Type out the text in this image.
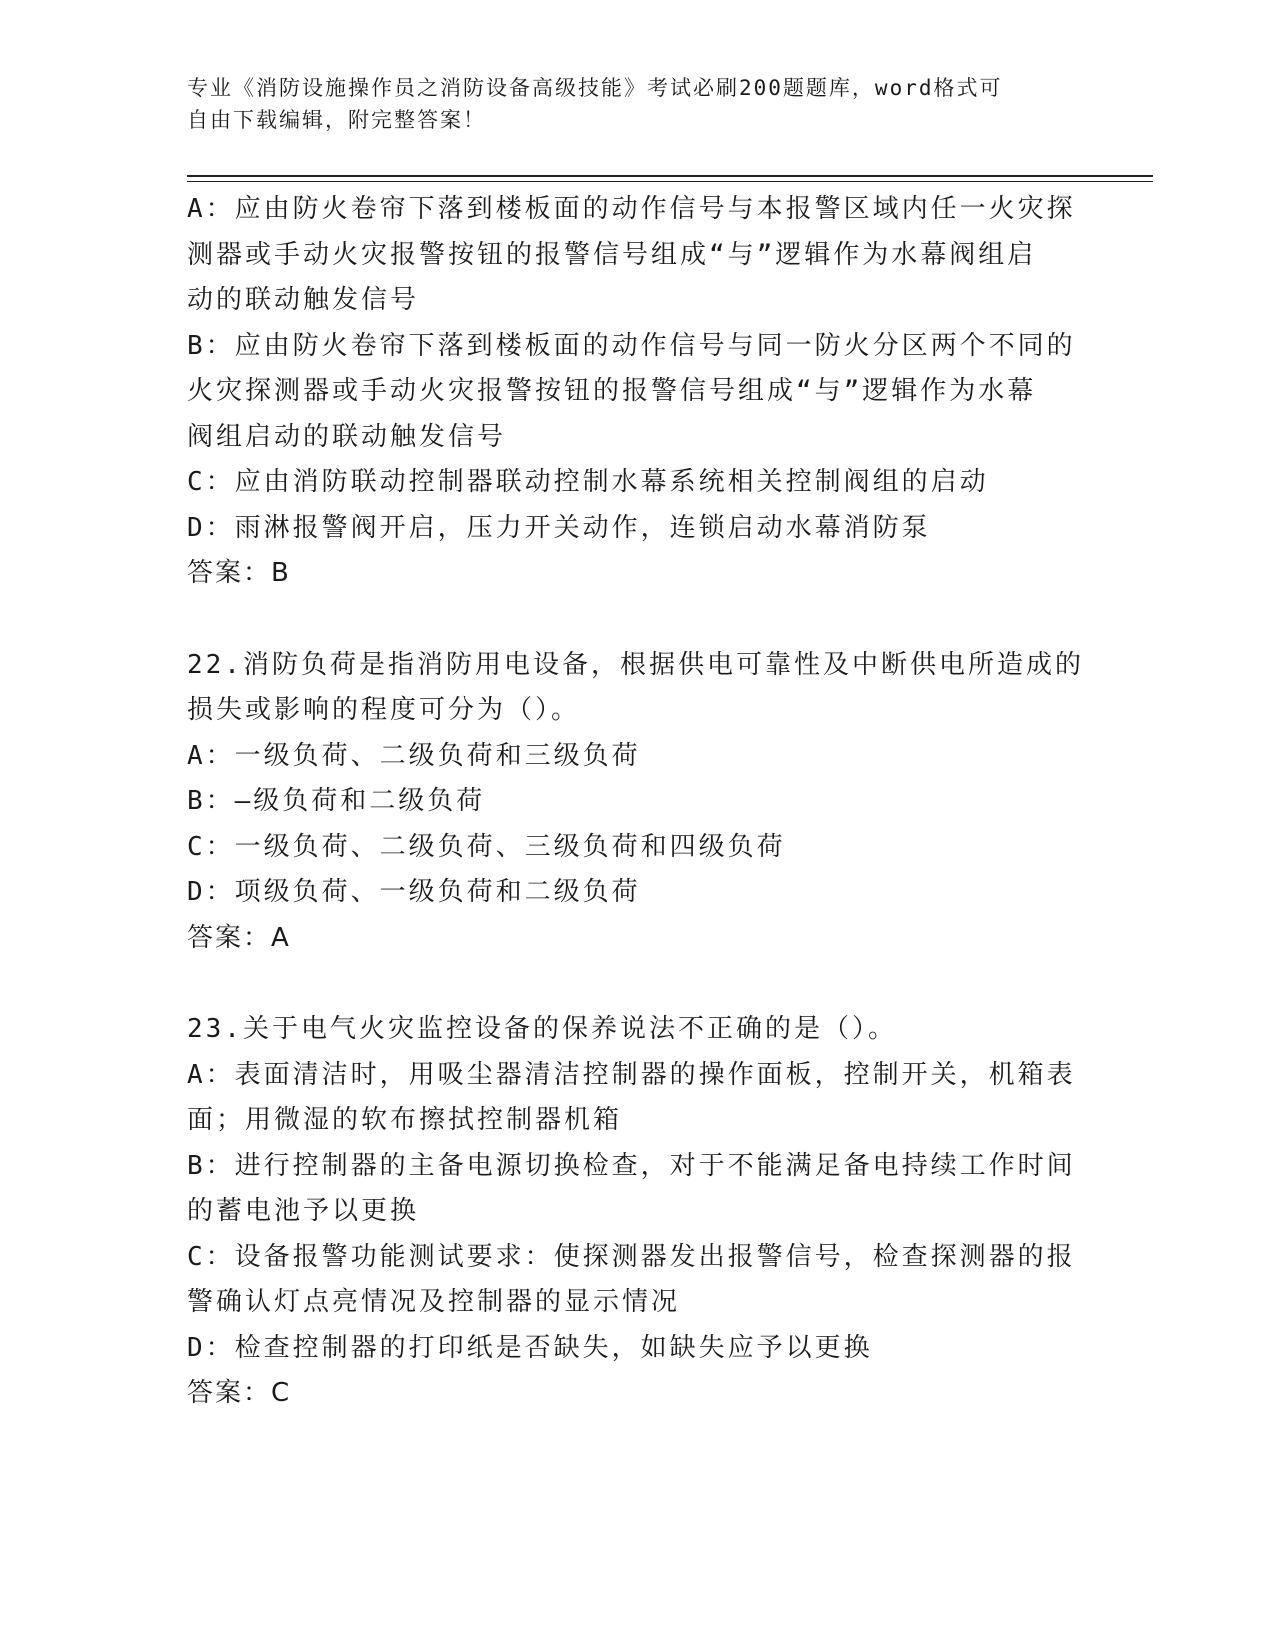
专业《消防设施操作员之消防设备高级技能》考试必刷200题题库，word格式可
自由下载编辑，附完整答案！
A：应由防火卷帘下落到楼板面的动作信号与本报警区域内任一火灾探
测器或手动火灾报警按钮的报警信号组成“与”逻辑作为水幕阀组启
动的联动触发信号
B：应由防火卷帘下落到楼板面的动作信号与同一防火分区两个不同的
火灾探测器或手动火灾报警按钮的报警信号组成“与”逻辑作为水幕
阀组启动的联动触发信号
C：应由消防联动控制器联动控制水幕系统相关控制阀组的启动
D：雨淋报警阀开启，压力开关动作，连锁启动水幕消防泵
答案：B
22.消防负荷是指消防用电设备，根据供电可靠性及中断供电所造成的
损失或影响的程度可分为（）。
A：一级负荷、二级负荷和三级负荷
B：—级负荷和二级负荷
C：一级负荷、二级负荷、三级负荷和四级负荷
D：项级负荷、一级负荷和二级负荷
答案：A
23.关于电气火灾监控设备的保养说法不正确的是（）。
A：表面清洁时，用吸尘器清洁控制器的操作面板，控制开关，机箱表
面；用微湿的软布擦拭控制器机箱
B：进行控制器的主备电源切换检查，对于不能满足备电持续工作时间
的蓄电池予以更换
C：设备报警功能测试要求：使探测器发出报警信号，检查探测器的报
警确认灯点亮情况及控制器的显示情况
D：检查控制器的打印纸是否缺失，如缺失应予以更换
答案：C
